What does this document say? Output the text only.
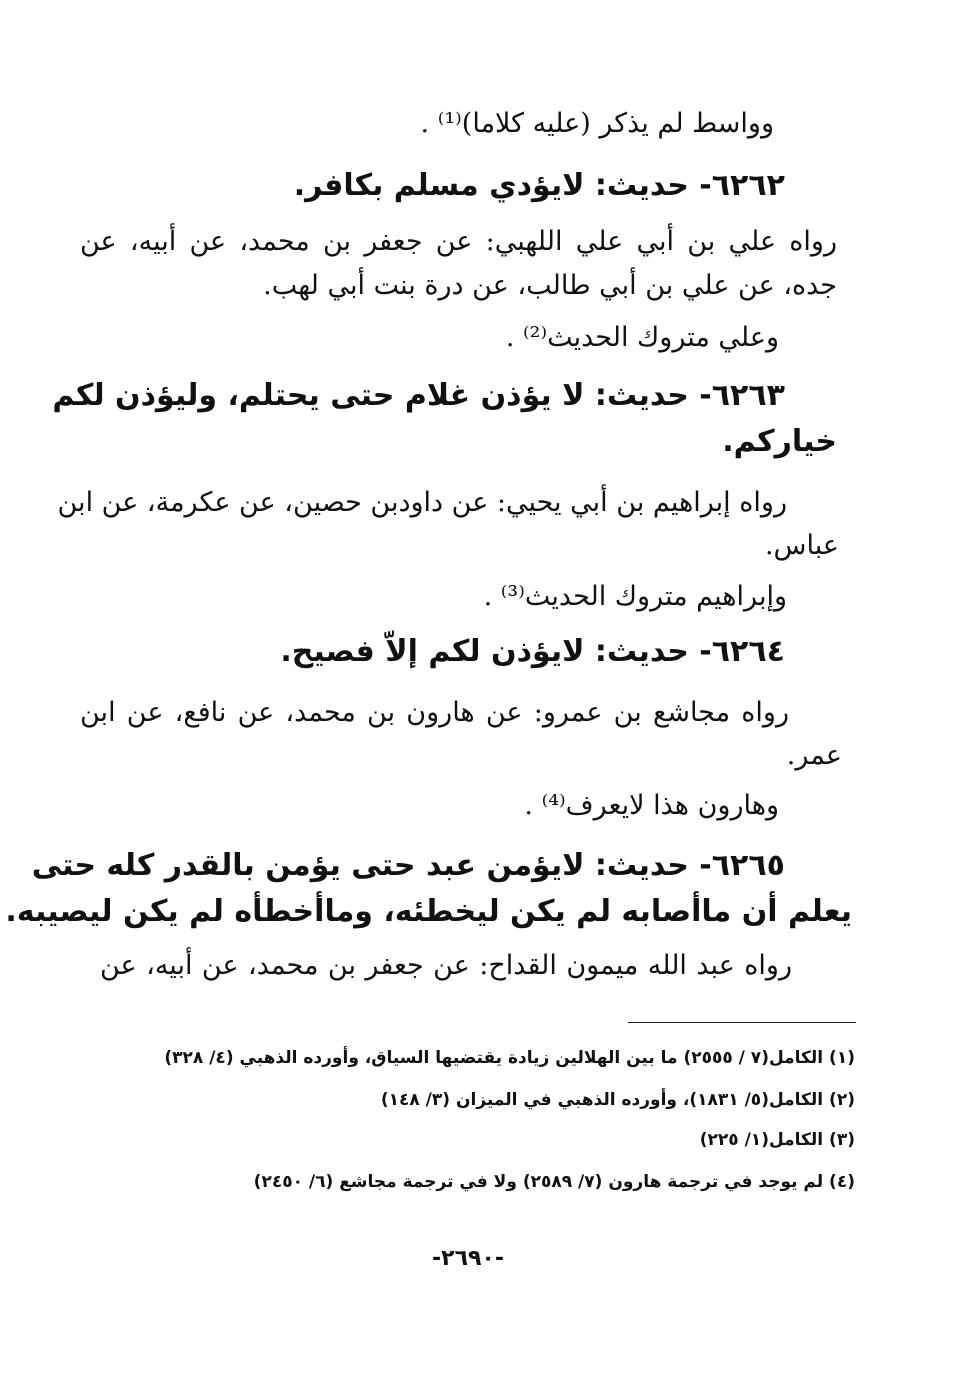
وواسط لم يذكر (عليه كلاما)⁽¹⁾ .

٦٢٦٢- حديث: لايؤدي مسلم بكافر.

رواه علي بن أبي علي اللهبي: عن جعفر بن محمد، عن أبيه، عن

جده، عن علي بن أبي طالب، عن درة بنت أبي لهب.

وعلي متروك الحديث⁽²⁾ .

٦٢٦٣- حديث: لا يؤذن غلام حتى يحتلم، وليؤذن لكم

خياركم.

رواه إبراهيم بن أبي يحيي: عن داودبن حصين، عن عكرمة، عن ابن

عباس.

وإبراهيم متروك الحديث⁽³⁾ .

٦٢٦٤- حديث: لايؤذن لكم إلاّ فصيح.

رواه مجاشع بن عمرو: عن هارون بن محمد، عن نافع، عن ابن

عمر.

وهارون هذا لايعرف⁽⁴⁾ .

٦٢٦٥- حديث: لايؤمن عبد حتى يؤمن بالقدر كله حتى

يعلم أن ماأصابه لم يكن ليخطئه، وماأخطأه لم يكن ليصيبه.

رواه عبد الله ميمون القداح: عن جعفر بن محمد، عن أبيه، عن

(١) الكامل(٧ / ٢٥٥٥) ما بين الهلالين زيادة يقتضيها السياق، وأورده الذهبي (٤/ ٣٢٨)

(٢) الكامل(٥/ ١٨٣١)، وأورده الذهبي في الميزان (٣/ ١٤٨)

(٣) الكامل(١/ ٢٢٥)

(٤) لم يوجد في ترجمة هارون (٧/ ٢٥٨٩) ولا في ترجمة مجاشع (٦/ ٢٤٥٠)

-٢٦٩٠-
